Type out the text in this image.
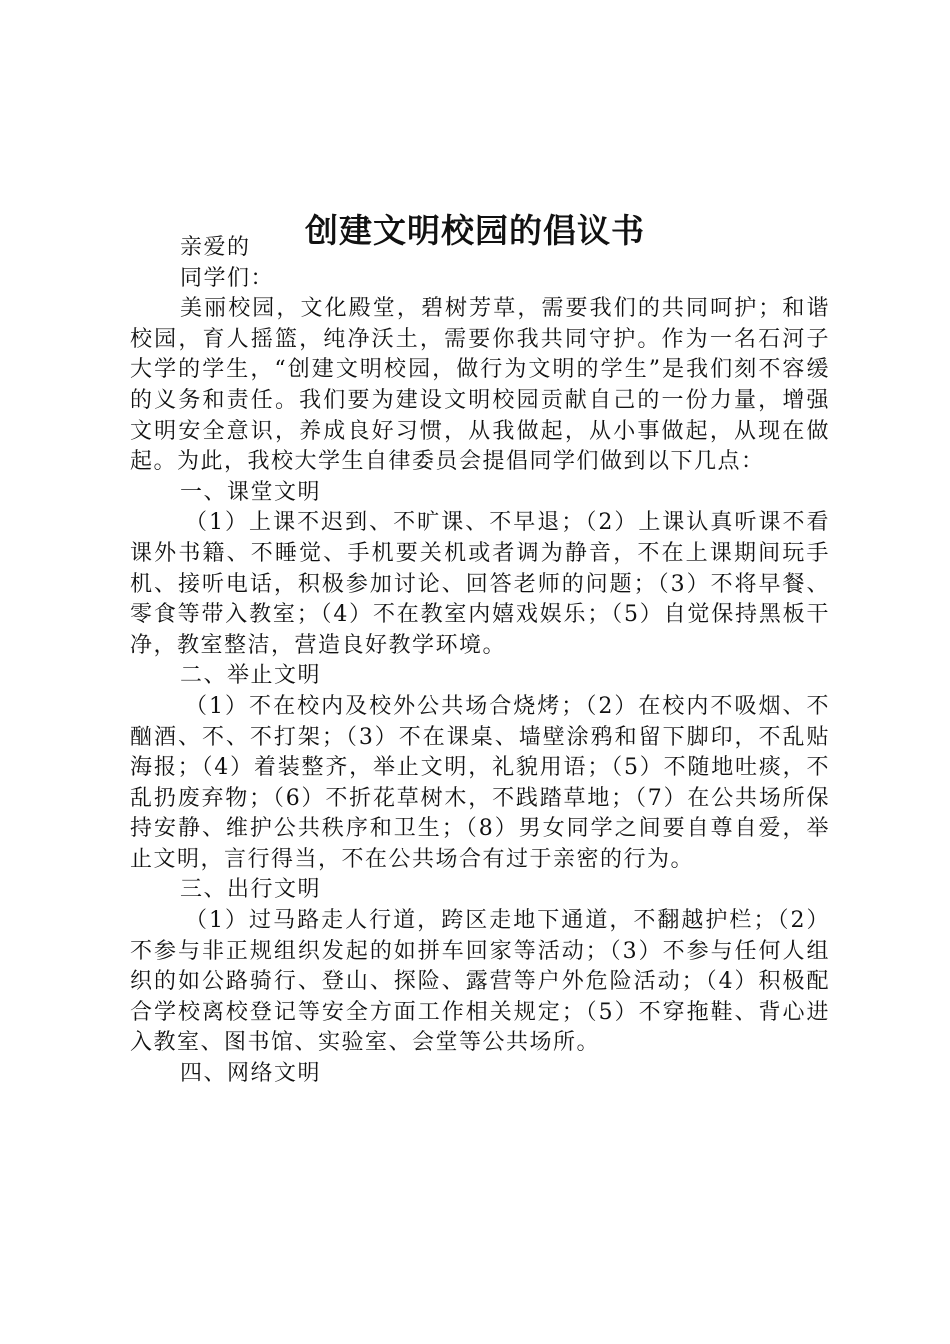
创建文明校园的倡议书

亲爱的

同学们：

美丽校园，文化殿堂，碧树芳草，需要我们的共同呵护；和谐校园，育人摇篮，纯净沃土，需要你我共同守护。作为一名石河子大学的学生，“创建文明校园，做行为文明的学生”是我们刻不容缓的义务和责任。我们要为建设文明校园贡献自己的一份力量，增强文明安全意识，养成良好习惯，从我做起，从小事做起，从现在做起。为此，我校大学生自律委员会提倡同学们做到以下几点：

一、课堂文明

（1）上课不迟到、不旷课、不早退；（2）上课认真听课不看课外书籍、不睡觉、手机要关机或者调为静音，不在上课期间玩手机、接听电话，积极参加讨论、回答老师的问题；（3）不将早餐、零食等带入教室；（4）不在教室内嬉戏娱乐；（5）自觉保持黑板干净，教室整洁，营造良好教学环境。

二、举止文明

（1）不在校内及校外公共场合烧烤；（2）在校内不吸烟、不酗酒、不、不打架；（3）不在课桌、墙壁涂鸦和留下脚印，不乱贴海报；（4）着装整齐，举止文明，礼貌用语；（5）不随地吐痰，不乱扔废弃物；（6）不折花草树木，不践踏草地；（7）在公共场所保持安静、维护公共秩序和卫生；（8）男女同学之间要自尊自爱，举止文明，言行得当，不在公共场合有过于亲密的行为。

三、出行文明

（1）过马路走人行道，跨区走地下通道，不翻越护栏；（2）不参与非正规组织发起的如拼车回家等活动；（3）不参与任何人组织的如公路骑行、登山、探险、露营等户外危险活动；（4）积极配合学校离校登记等安全方面工作相关规定；（5）不穿拖鞋、背心进入教室、图书馆、实验室、会堂等公共场所。

四、网络文明
